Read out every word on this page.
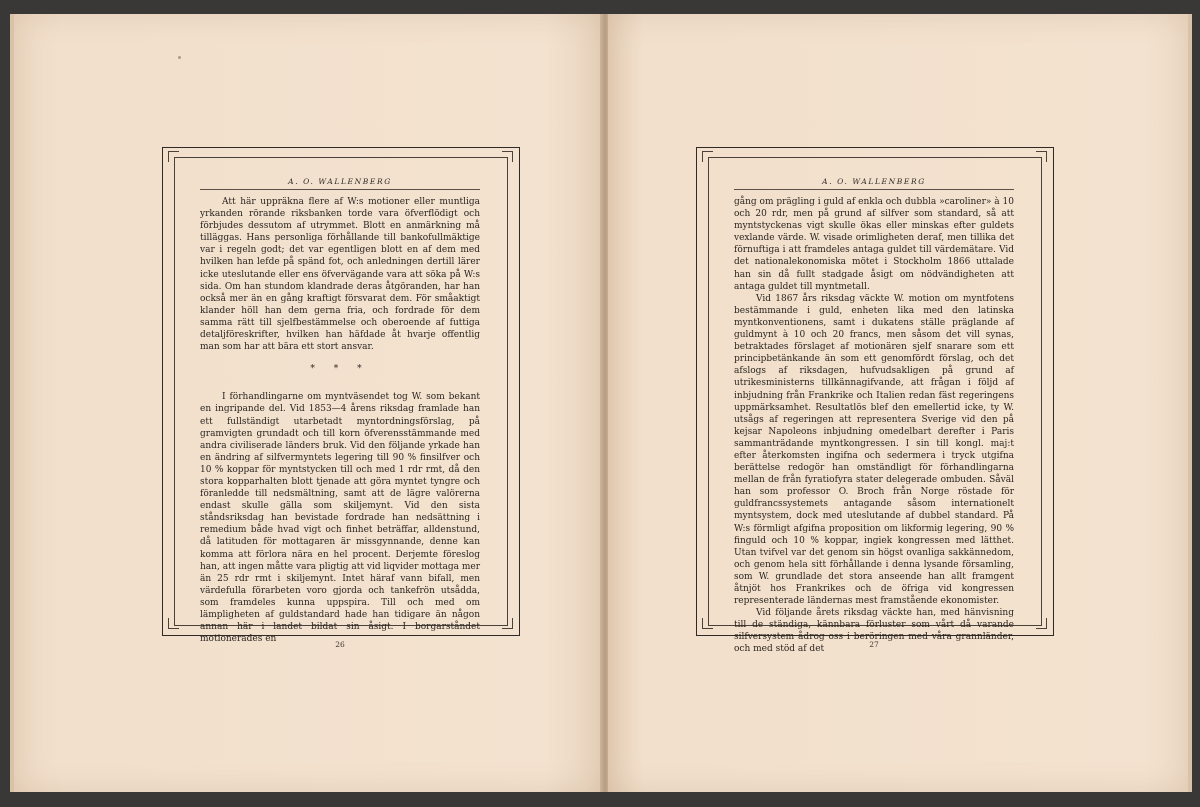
A. O. WALLENBERG

Att här uppräkna flere af W:s motioner eller muntliga yrkanden rörande riksbanken torde vara öfverflödigt och förbjudes dessutom af utrymmet. Blott en anmärkning må tilläggas. Hans personliga förhållande till bankofullmäktige var i regeln godt; det var egentligen blott en af dem med hvilken han lefde på spänd fot, och anledningen dertill lärer icke uteslutande eller ens öfvervägande vara att söka på W:s sida. Om han stundom klandrade deras åtgöranden, har han också mer än en gång kraftigt försvarat dem. För småaktigt klander höll han dem gerna fria, och fordrade för dem samma rätt till sjelfbestämmelse och oberoende af futtiga detaljföreskrifter, hvilken han häfdade åt hvarje offentlig man som har att bära ett stort ansvar.

* * *

I förhandlingarne om myntväsendet tog W. som bekant en ingripande del. Vid 1853—4 årens riksdag framlade han ett fullständigt utarbetadt myntordningsförslag, på gramvigten grundadt och till korn öfverensstämmande med andra civiliserade länders bruk. Vid den följande yrkade han en ändring af silfvermyntets legering till 90 % finsilfver och 10 % koppar för myntstycken till och med 1 rdr rmt, då den stora kopparhalten blott tjenade att göra myntet tyngre och föranledde till nedsmältning, samt att de lägre valörerna endast skulle gälla som skiljemynt. Vid den sista ståndsriksdag han bevistade fordrade han nedsättning i remedium både hvad vigt och finhet beträffar, alldenstund, då latituden för mottagaren är missgynnande, denne kan komma att förlora nära en hel procent. Derjemte föreslog han, att ingen måtte vara pligtig att vid liqvider mottaga mer än 25 rdr rmt i skiljemynt. Intet häraf vann bifall, men värdefulla förarbeten voro gjorda och tankefrön utsådda, som framdeles kunna uppspira. Till och med om lämpligheten af guldstandard hade han tidigare än någon annan här i landet bildat sin åsigt. I borgarståndet motionerades en

26
A. O. WALLENBERG

gång om prägling i guld af enkla och dubbla »caroliner» à 10 och 20 rdr, men på grund af silfver som standard, så att myntstyckenas vigt skulle ökas eller minskas efter guldets vexlande värde. W. visade orimligheten deraf, men tillika det förnuftiga i att framdeles antaga guldet till värdemätare. Vid det nationalekonomiska mötet i Stockholm 1866 uttalade han sin då fullt stadgade åsigt om nödvändigheten att antaga guldet till myntmetall.

Vid 1867 års riksdag väckte W. motion om myntfotens bestämmande i guld, enheten lika med den latinska myntkonventionens, samt i dukatens ställe präglande af guldmynt à 10 och 20 francs, men såsom det vill synas, betraktades förslaget af motionären sjelf snarare som ett principbetänkande än som ett genomfördt förslag, och det afslogs af riksdagen, hufvudsakligen på grund af utrikesministerns tillkännagifvande, att frågan i följd af inbjudning från Frankrike och Italien redan fäst regeringens uppmärksamhet. Resultatlös blef den emellertid icke, ty W. utsågs af regeringen att representera Sverige vid den på kejsar Napoleons inbjudning omedelbart derefter i Paris sammanträdande myntkongressen. I sin till kongl. maj:t efter återkomsten ingifna och sedermera i tryck utgifna berättelse redogör han omständligt för förhandlingarna mellan de från fyratiofyra stater delegerade ombuden. Såväl han som professor O. Broch från Norge röstade för guldfrancssystemets antagande såsom internationelt myntsystem, dock med uteslutande af dubbel standard. På W:s förmligt afgifna proposition om likformig legering, 90 % finguld och 10 % koppar, ingiek kongressen med lätthet. Utan tvifvel var det genom sin högst ovanliga sakkännedom, och genom hela sitt förhållande i denna lysande församling, som W. grundlade det stora anseende han allt framgent åtnjöt hos Frankrikes och de öfriga vid kongressen representerade ländernas mest framstående ekonomister.

Vid följande årets riksdag väckte han, med hänvisning till de ständiga, kännbara förluster som vårt då varande silfversystem ådrog oss i beröringen med våra grannländer, och med stöd af det	27
